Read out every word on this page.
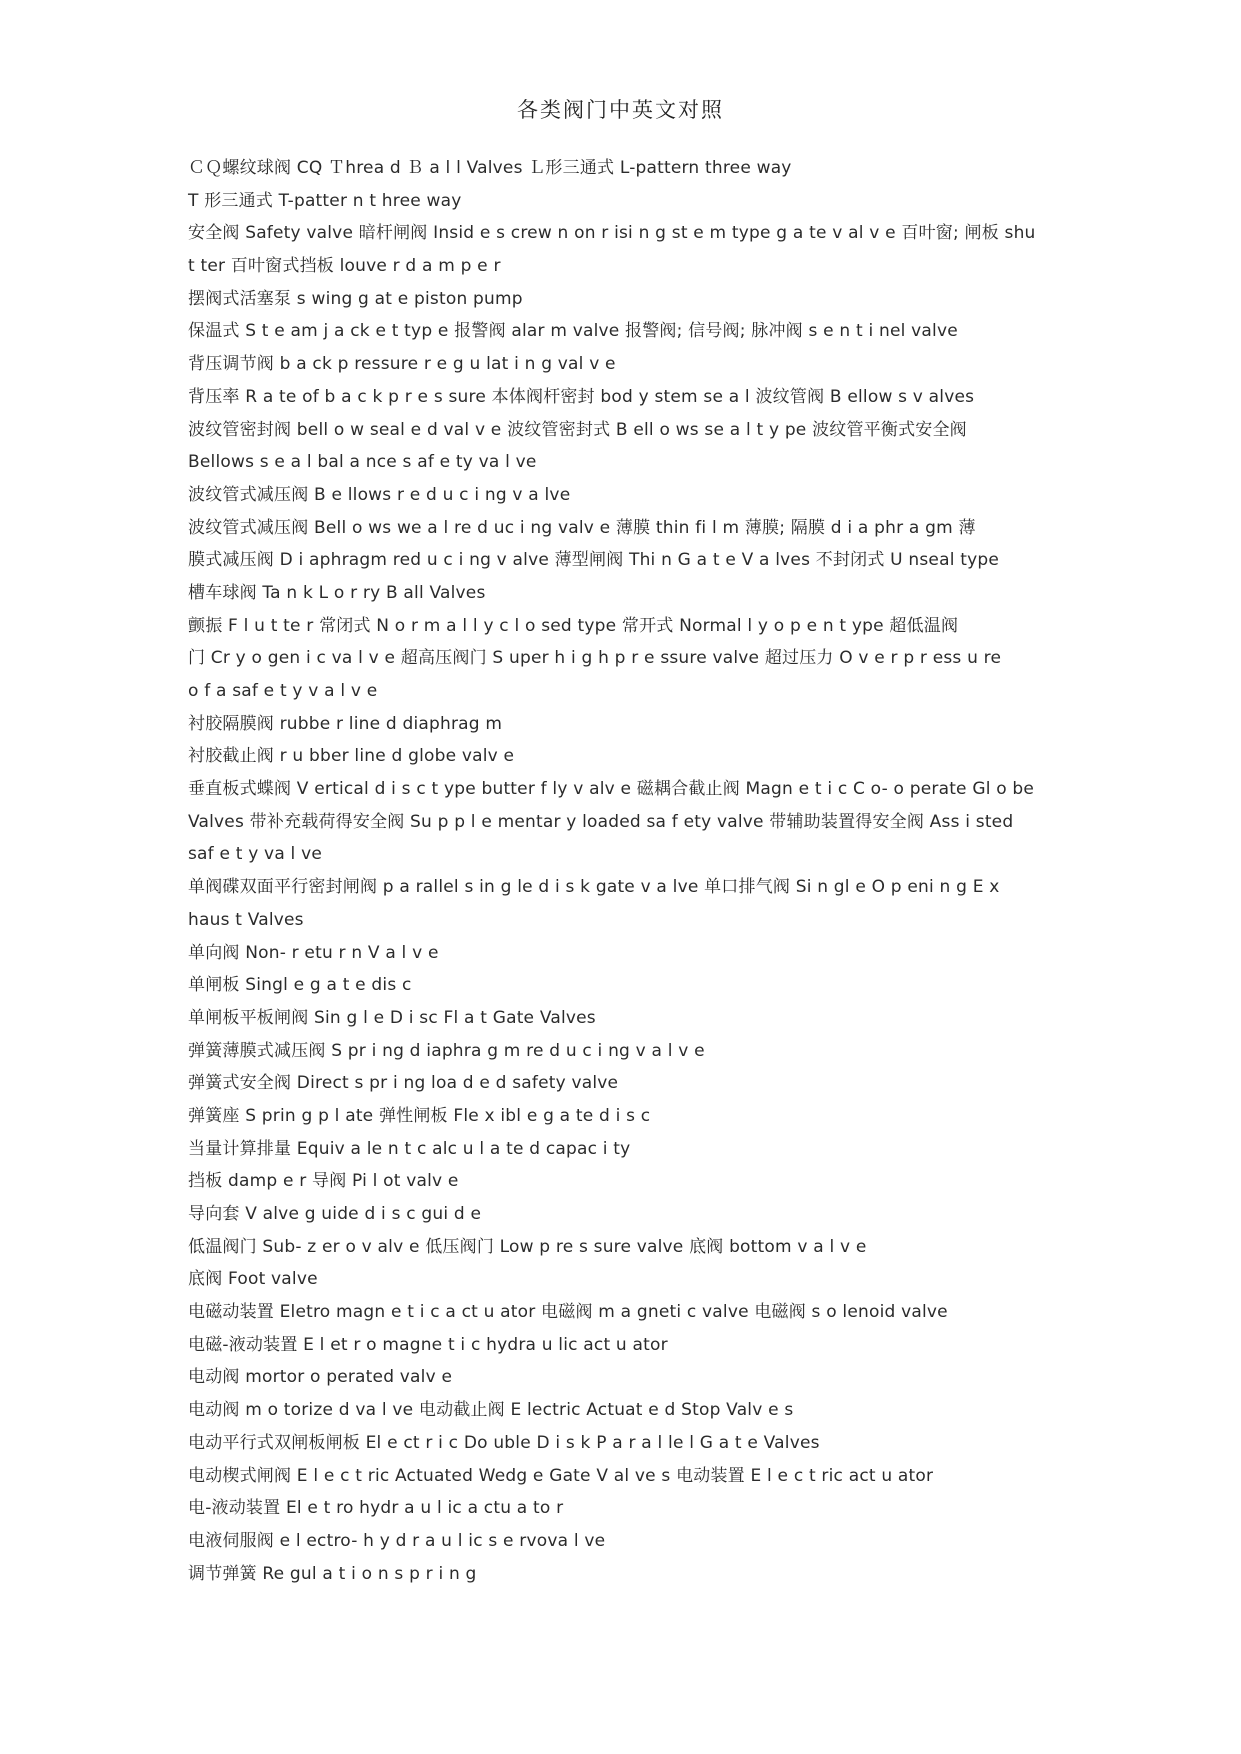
各类阀门中英文对照
ＣＱ螺纹球阀 CQ Ｔhrea d Ｂ a l l Valves Ｌ形三通式 L-pattern three way
T 形三通式 T-patter n t hree way
安全阀 Safety valve 暗杆闸阀 Insid e s crew n on r isi n g st e m type g a te v al v e 百叶窗; 闸板 shu
t ter 百叶窗式挡板 louve r d a m p e r
摆阀式活塞泵 s wing g at e piston pump
保温式 S t e am j a ck e t typ e 报警阀 alar m valve 报警阀; 信号阀; 脉冲阀 s e n t i nel valve
背压调节阀 b a ck p ressure r e g u lat i n g val v e
背压率 R a te of b a c k p r e s sure 本体阀杆密封 bod y stem se a l 波纹管阀 B ellow s v alves
波纹管密封阀 bell o w seal e d val v e 波纹管密封式 B ell o ws se a l t y pe 波纹管平衡式安全阀
Bellows s e a l bal a nce s af e ty va l ve
波纹管式减压阀 B e llows r e d u c i ng v a lve
波纹管式减压阀 Bell o ws we a l re d uc i ng valv e 薄膜 thin fi l m 薄膜; 隔膜 d i a phr a gm 薄
膜式减压阀 D i aphragm red u c i ng v alve 薄型闸阀 Thi n G a t e V a lves 不封闭式 U nseal type
槽车球阀 Ta n k L o r ry B all Valves
颤振 F l u t te r 常闭式 N o r m a l l y c l o sed type 常开式 Normal l y o p e n t ype 超低温阀
门 Cr y o gen i c va l v e 超高压阀门 S uper h i g h p r e ssure valve 超过压力 O v e r p r ess u re
o f a saf e t y v a l v e
衬胶隔膜阀 rubbe r line d diaphrag m
衬胶截止阀 r u bber line d globe valv e
垂直板式蝶阀 V ertical d i s c t ype butter f ly v alv e 磁耦合截止阀 Magn e t i c C o- o perate Gl o be
Valves 带补充载荷得安全阀 Su p p l e mentar y loaded sa f ety valve 带辅助装置得安全阀 Ass i sted
saf e t y va l ve
单阀碟双面平行密封闸阀 p a rallel s in g le d i s k gate v a lve 单口排气阀 Si n gl e O p eni n g E x
haus t Valves
单向阀 Non- r etu r n V a l v e
单闸板 Singl e g a t e dis c
单闸板平板闸阀 Sin g l e D i sc Fl a t Gate Valves
弹簧薄膜式减压阀 S pr i ng d iaphra g m re d u c i ng v a l v e
弹簧式安全阀 Direct s pr i ng loa d e d safety valve
弹簧座 S prin g p l ate 弹性闸板 Fle x ibl e g a te d i s c
当量计算排量 Equiv a le n t c alc u l a te d capac i ty
挡板 damp e r 导阀 Pi l ot valv e
导向套 V alve g uide d i s c gui d e
低温阀门 Sub- z er o v alv e 低压阀门 Low p re s sure valve 底阀 bottom v a l v e
底阀 Foot valve
电磁动装置 Eletro magn e t i c a ct u ator 电磁阀 m a gneti c valve 电磁阀 s o lenoid valve
电磁-液动装置 E l et r o magne t i c hydra u lic act u ator
电动阀 mortor o perated valv e
电动阀 m o torize d va l ve 电动截止阀 E lectric Actuat e d Stop Valv e s
电动平行式双闸板闸板 El e ct r i c Do uble D i s k P a r a l le l G a t e Valves
电动楔式闸阀 E l e c t ric Actuated Wedg e Gate V al ve s 电动装置 E l e c t ric act u ator
电-液动装置 El e t ro hydr a u l ic a ctu a to r
电液伺服阀 e l ectro- h y d r a u l ic s e rvova l ve
调节弹簧 Re gul a t i o n s p r i n g
